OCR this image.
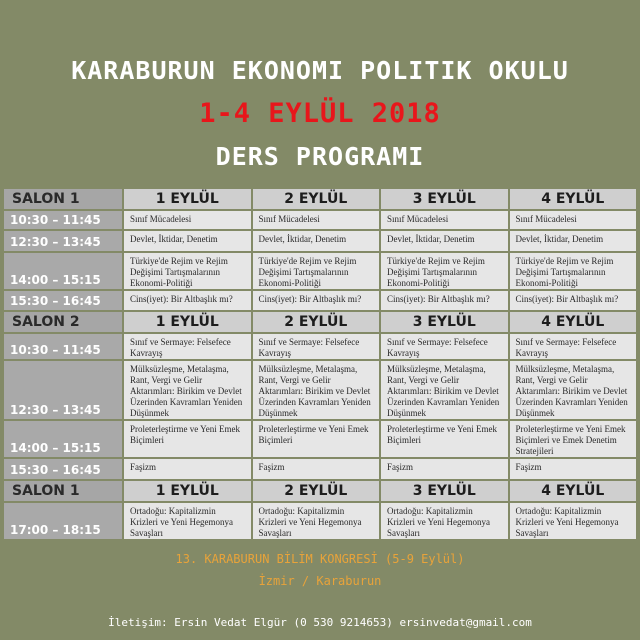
KARABURUN EKONOMI POLITIK OKULU
1-4 EYLÜL 2018
DERS PROGRAMI
SALON 1	1 EYLÜL	2 EYLÜL	3 EYLÜL	4 EYLÜL
10:30 – 11:45	Sınıf Mücadelesi	Sınıf Mücadelesi	Sınıf Mücadelesi	Sınıf Mücadelesi
12:30 – 13:45	Devlet, İktidar, Denetim	Devlet, İktidar, Denetim	Devlet, İktidar, Denetim	Devlet, İktidar, Denetim
14:00 – 15:15	Türkiye'de Rejim ve Rejim Değişimi Tartışmalarının Ekonomi-Politiği	Türkiye'de Rejim ve Rejim Değişimi Tartışmalarının Ekonomi-Politiği	Türkiye'de Rejim ve Rejim Değişimi Tartışmalarının Ekonomi-Politiği	Türkiye'de Rejim ve Rejim Değişimi Tartışmalarının Ekonomi-Politiği
15:30 – 16:45	Cins(iyet): Bir Altbaşlık mı?	Cins(iyet): Bir Altbaşlık mı?	Cins(iyet): Bir Altbaşlık mı?	Cins(iyet): Bir Altbaşlık mı?
SALON 2	1 EYLÜL	2 EYLÜL	3 EYLÜL	4 EYLÜL
10:30 – 11:45	Sınıf ve Sermaye: Felsefece Kavrayış	Sınıf ve Sermaye: Felsefece Kavrayış	Sınıf ve Sermaye: Felsefece Kavrayış	Sınıf ve Sermaye: Felsefece Kavrayış
12:30 – 13:45	Mülksüzleşme, Metalaşma, Rant, Vergi ve Gelir Aktarımları: Birikim ve Devlet Üzerinden Kavramları Yeniden Düşünmek	Mülksüzleşme, Metalaşma, Rant, Vergi ve Gelir Aktarımları: Birikim ve Devlet Üzerinden Kavramları Yeniden Düşünmek	Mülksüzleşme, Metalaşma, Rant, Vergi ve Gelir Aktarımları: Birikim ve Devlet Üzerinden Kavramları Yeniden Düşünmek	Mülksüzleşme, Metalaşma, Rant, Vergi ve Gelir Aktarımları: Birikim ve Devlet Üzerinden Kavramları Yeniden Düşünmek
14:00 – 15:15	Proleterleştirme ve Yeni Emek Biçimleri	Proleterleştirme ve Yeni Emek Biçimleri	Proleterleştirme ve Yeni Emek Biçimleri	Proleterleştirme ve Yeni Emek Biçimleri ve Emek Denetim Stratejileri
15:30 – 16:45	Faşizm	Faşizm	Faşizm	Faşizm
SALON 1	1 EYLÜL	2 EYLÜL	3 EYLÜL	4 EYLÜL
17:00 – 18:15	Ortadoğu: Kapitalizmin Krizleri ve Yeni Hegemonya Savaşları	Ortadoğu: Kapitalizmin Krizleri ve Yeni Hegemonya Savaşları	Ortadoğu: Kapitalizmin Krizleri ve Yeni Hegemonya Savaşları	Ortadoğu: Kapitalizmin Krizleri ve Yeni Hegemonya Savaşları

13. KARABURUN BİLİM KONGRESİ (5-9 Eylül)

İzmir / Karaburun

İletişim: Ersin Vedat Elgür (0 530 9214653) ersinvedat@gmail.com
